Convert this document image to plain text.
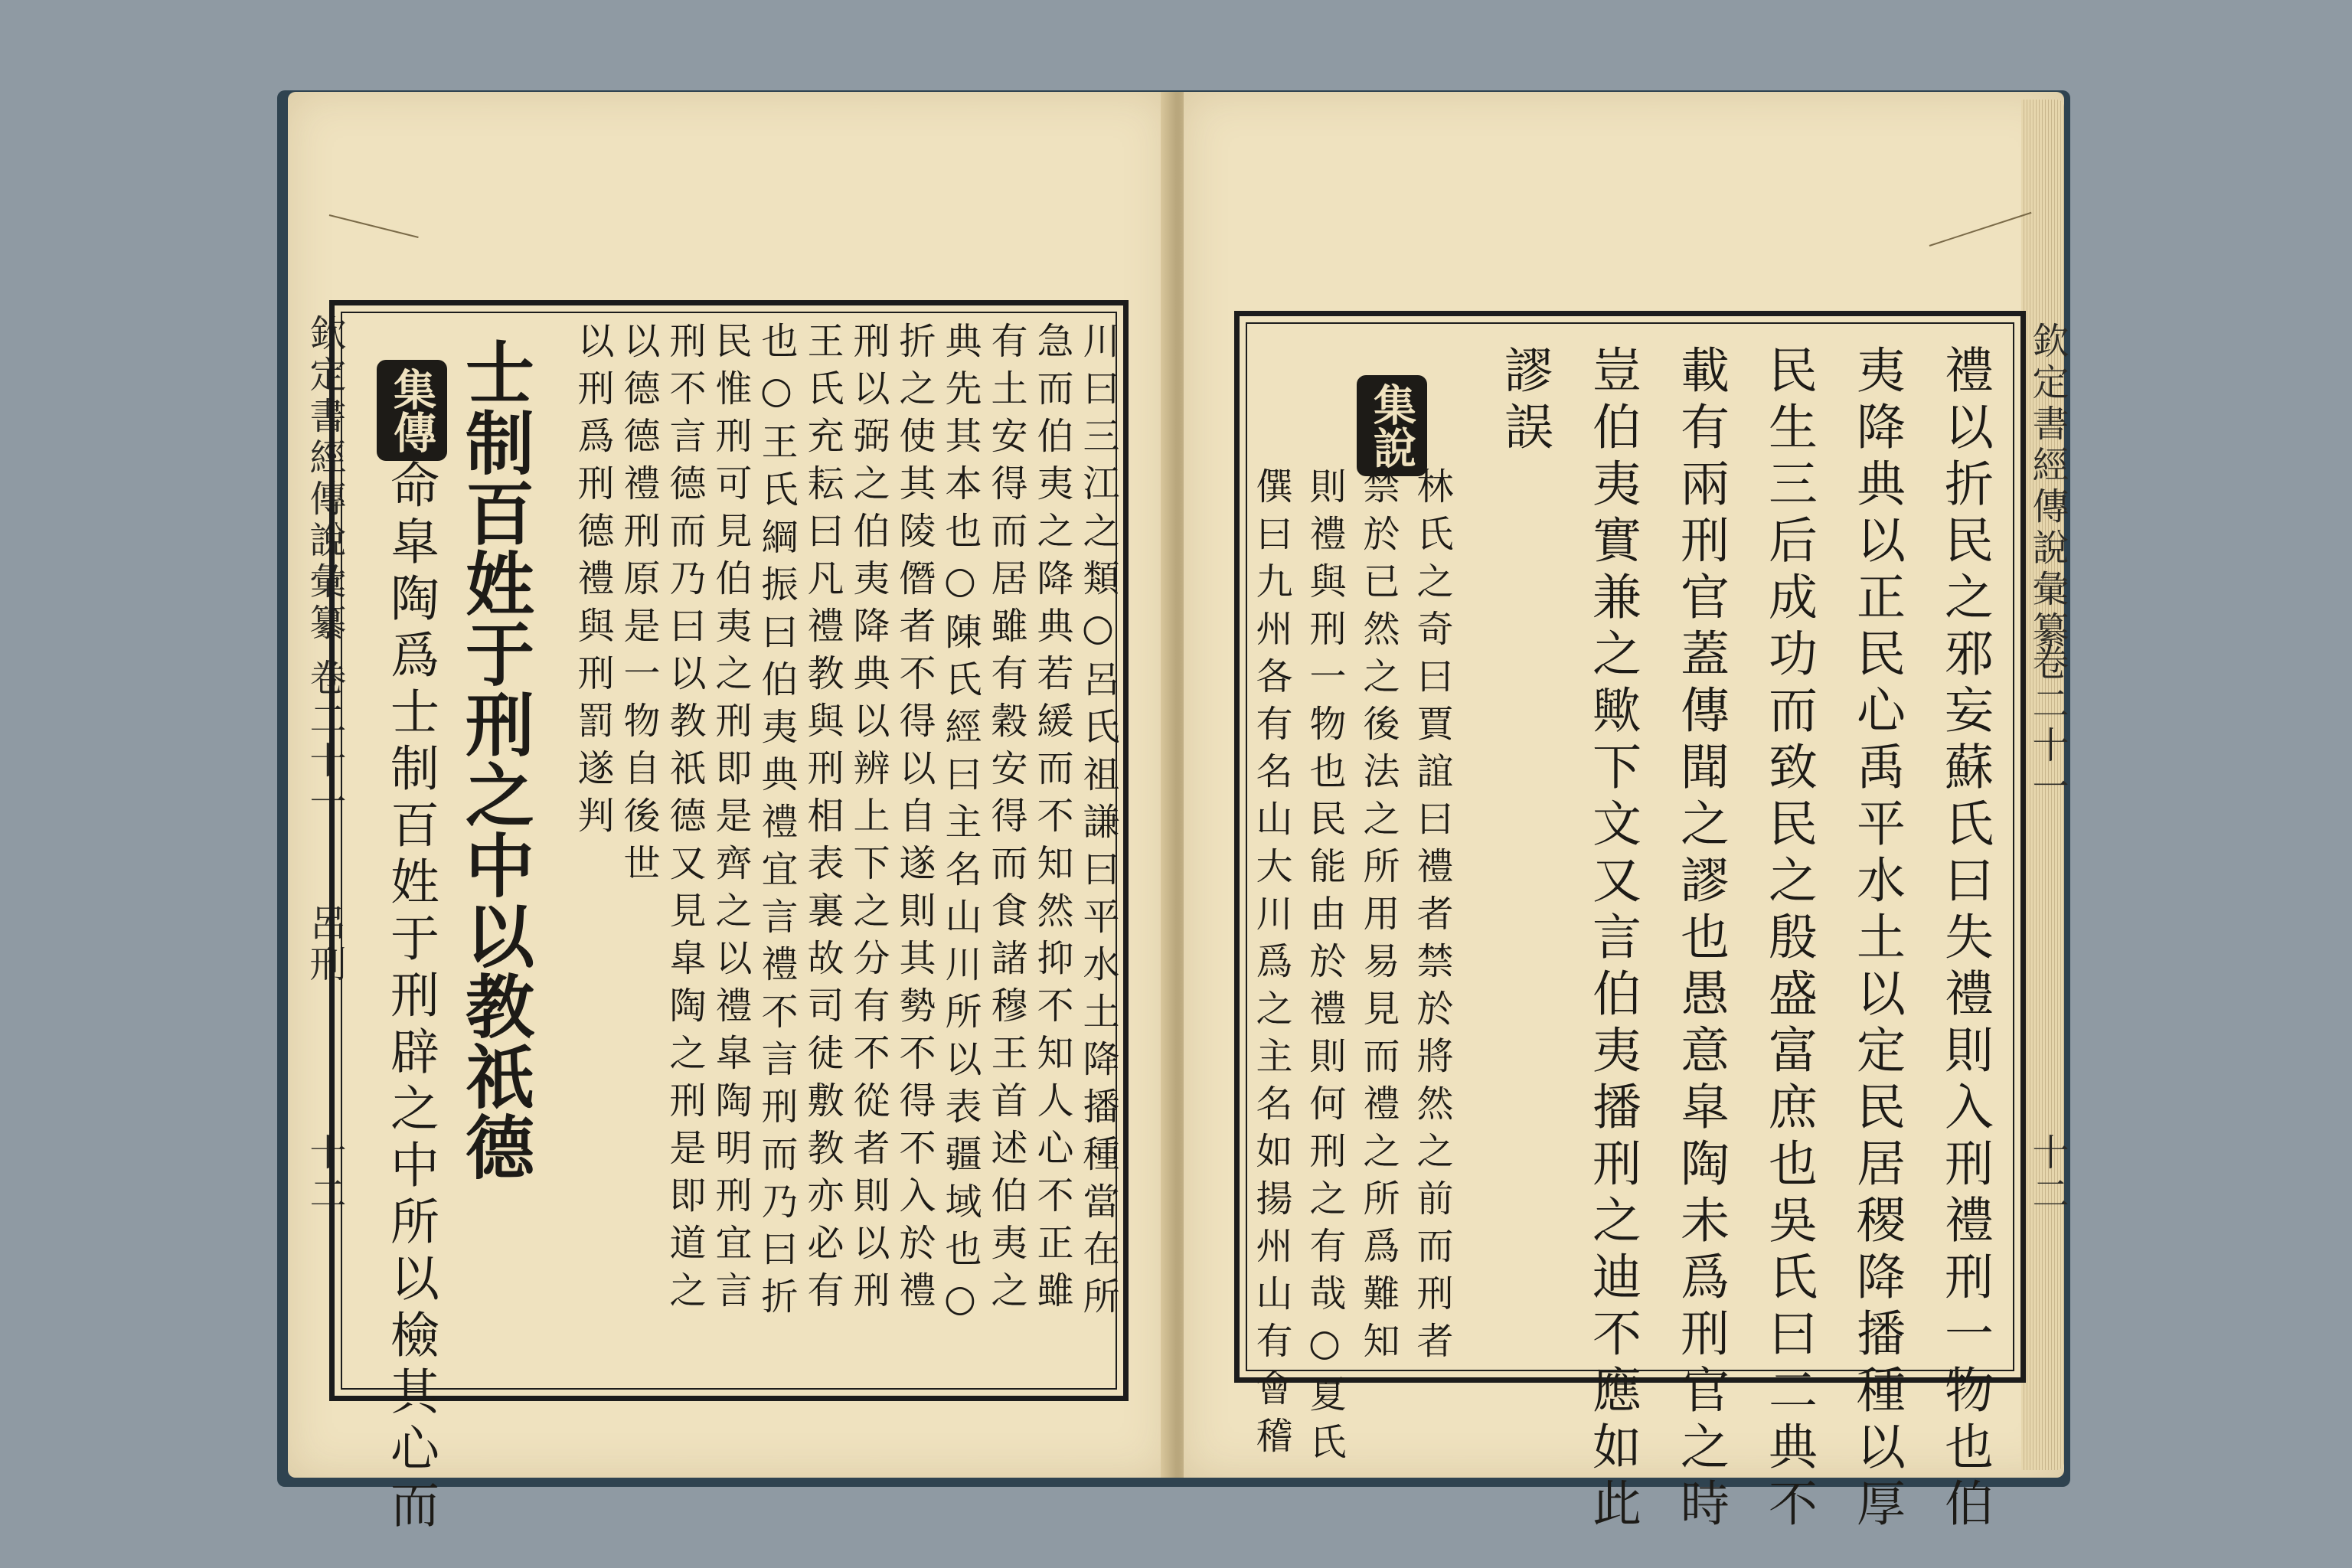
欽定書經傳說彙纂
卷二十一
呂刑
十二	川曰三江之類○呂氏祖謙曰平水土降播種當在所
急而伯夷之降典若緩而不知然抑不知人心不正雖
有土安得而居雖有穀安得而食諸穆王首述伯夷之
典先其本也○陳氏經曰主名山川所以表疆域也○
折之使其陵僭者不得以自遂則其勢不得不入於禮
刑以弼之伯夷降典以辨上下之分有不從者則以刑
王氏充耘曰凡禮教與刑相表裏故司徒敷教亦必有
也○王氏綱振曰伯夷典禮宜言禮不言刑而乃曰折
民惟刑可見伯夷之刑即是齊之以禮皐陶明刑宜言
刑不言德而乃曰以教祇德又見皐陶之刑是即道之
以德德禮刑原是一物自後世
以刑爲刑德禮與刑罰遂判
士制百姓于刑之中以教祇德
集傳
命皐陶爲士制百姓于刑辟之中所以檢其心而	欽定書經傳說彙纂
卷二十一
十二
禮以折民之邪妄蘇氏曰失禮則入刑禮刑一物也伯
夷降典以正民心禹平水土以定民居稷降播種以厚
民生三后成功而致民之殷盛富庶也吳氏曰二典不
載有兩刑官蓋傳聞之謬也愚意皐陶未爲刑官之時
豈伯夷實兼之歟下文又言伯夷播刑之迪不應如此
謬誤
集說
林氏之奇曰賈誼曰禮者禁於將然之前而刑者
禁於已然之後法之所用易見而禮之所爲難知
則禮與刑一物也民能由於禮則何刑之有哉○夏氏
僎曰九州各有名山大川爲之主名如揚州山有會稽
